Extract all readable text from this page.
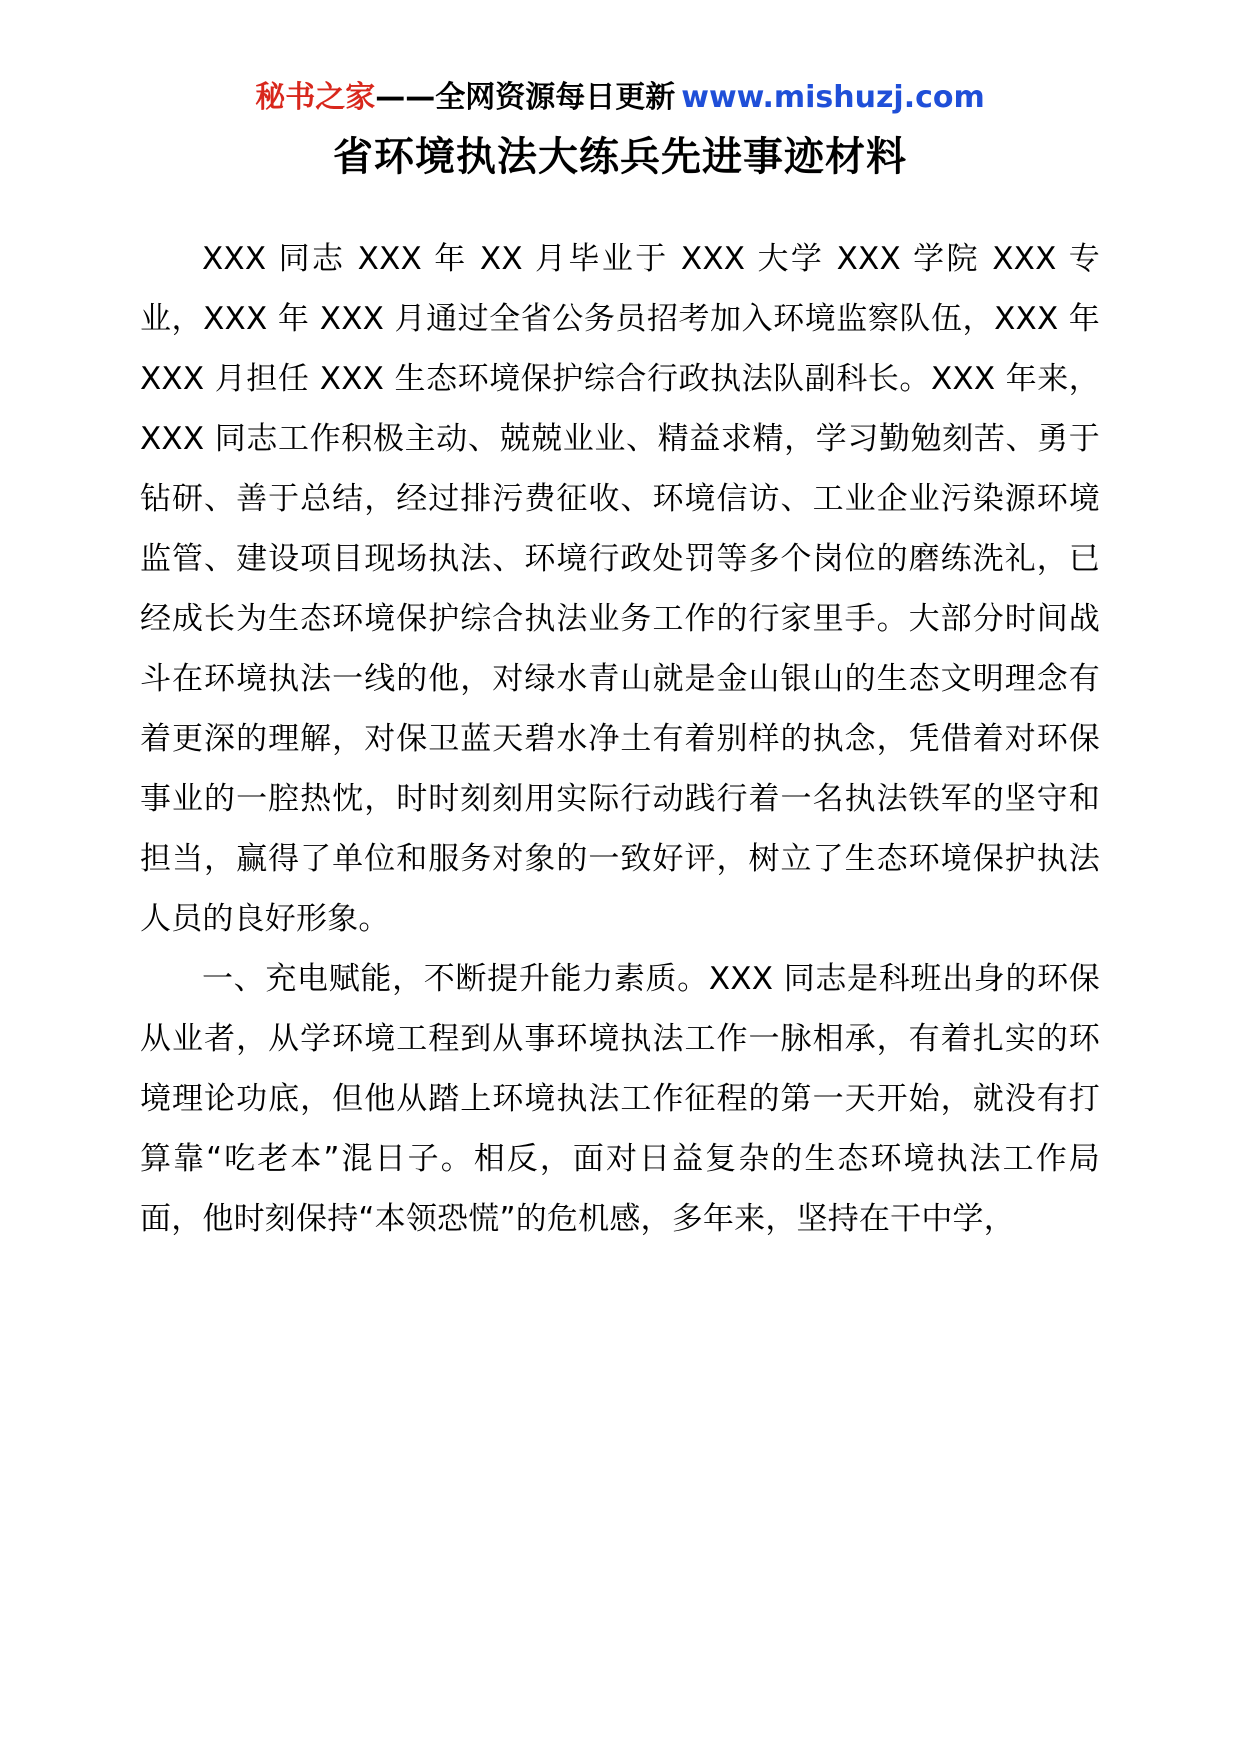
秘书之家——全网资源每日更新 www.mishuzj.com
省环境执法大练兵先进事迹材料

XXX 同志 XXX 年 XX 月毕业于 XXX 大学 XXX 学院 XXX 专业，XXX 年 XXX 月通过全省公务员招考加入环境监察队伍，XXX 年 XXX 月担任 XXX 生态环境保护综合行政执法队副科长。XXX 年来，XXX 同志工作积极主动、兢兢业业、精益求精，学习勤勉刻苦、勇于钻研、善于总结，经过排污费征收、环境信访、工业企业污染源环境监管、建设项目现场执法、环境行政处罚等多个岗位的磨练洗礼，已经成长为生态环境保护综合执法业务工作的行家里手。大部分时间战斗在环境执法一线的他，对绿水青山就是金山银山的生态文明理念有着更深的理解，对保卫蓝天碧水净土有着别样的执念，凭借着对环保事业的一腔热忱，时时刻刻用实际行动践行着一名执法铁军的坚守和担当，赢得了单位和服务对象的一致好评，树立了生态环境保护执法人员的良好形象。

一、充电赋能，不断提升能力素质。XXX 同志是科班出身的环保从业者，从学环境工程到从事环境执法工作一脉相承，有着扎实的环境理论功底，但他从踏上环境执法工作征程的第一天开始，就没有打算靠“吃老本”混日子。相反，面对日益复杂的生态环境执法工作局面，他时刻保持“本领恐慌”的危机感，多年来，坚持在干中学，
